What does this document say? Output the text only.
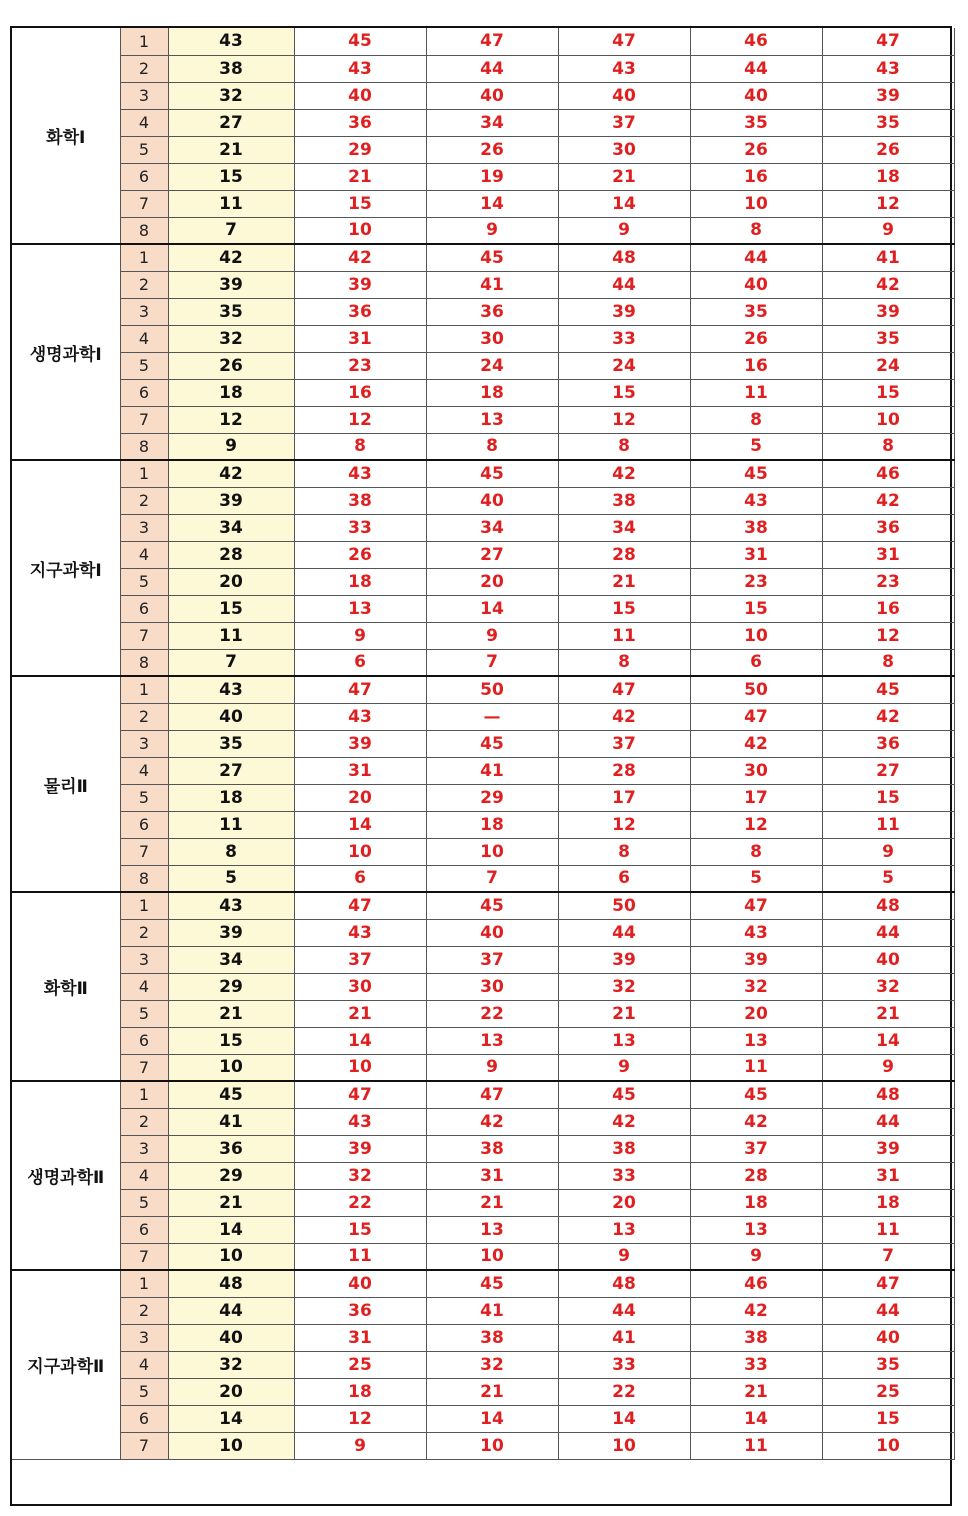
화학Ⅰ	1	43	45	47	47	46	47
	2	38	43	44	43	44	43
	3	32	40	40	40	40	39
	4	27	36	34	37	35	35
	5	21	29	26	30	26	26
	6	15	21	19	21	16	18
	7	11	15	14	14	10	12
	8	7	10	9	9	8	9
생명과학Ⅰ	1	42	42	45	48	44	41
	2	39	39	41	44	40	42
	3	35	36	36	39	35	39
	4	32	31	30	33	26	35
	5	26	23	24	24	16	24
	6	18	16	18	15	11	15
	7	12	12	13	12	8	10
	8	9	8	8	8	5	8
지구과학Ⅰ	1	42	43	45	42	45	46
	2	39	38	40	38	43	42
	3	34	33	34	34	38	36
	4	28	26	27	28	31	31
	5	20	18	20	21	23	23
	6	15	13	14	15	15	16
	7	11	9	9	11	10	12
	8	7	6	7	8	6	8
물리Ⅱ	1	43	47	50	47	50	45
	2	40	43	—	42	47	42
	3	35	39	45	37	42	36
	4	27	31	41	28	30	27
	5	18	20	29	17	17	15
	6	11	14	18	12	12	11
	7	8	10	10	8	8	9
	8	5	6	7	6	5	5
화학Ⅱ	1	43	47	45	50	47	48
	2	39	43	40	44	43	44
	3	34	37	37	39	39	40
	4	29	30	30	32	32	32
	5	21	21	22	21	20	21
	6	15	14	13	13	13	14
	7	10	10	9	9	11	9
생명과학Ⅱ	1	45	47	47	45	45	48
	2	41	43	42	42	42	44
	3	36	39	38	38	37	39
	4	29	32	31	33	28	31
	5	21	22	21	20	18	18
	6	14	15	13	13	13	11
	7	10	11	10	9	9	7
지구과학Ⅱ	1	48	40	45	48	46	47
	2	44	36	41	44	42	44
	3	40	31	38	41	38	40
	4	32	25	32	33	33	35
	5	20	18	21	22	21	25
	6	14	12	14	14	14	15
	7	10	9	10	10	11	10
